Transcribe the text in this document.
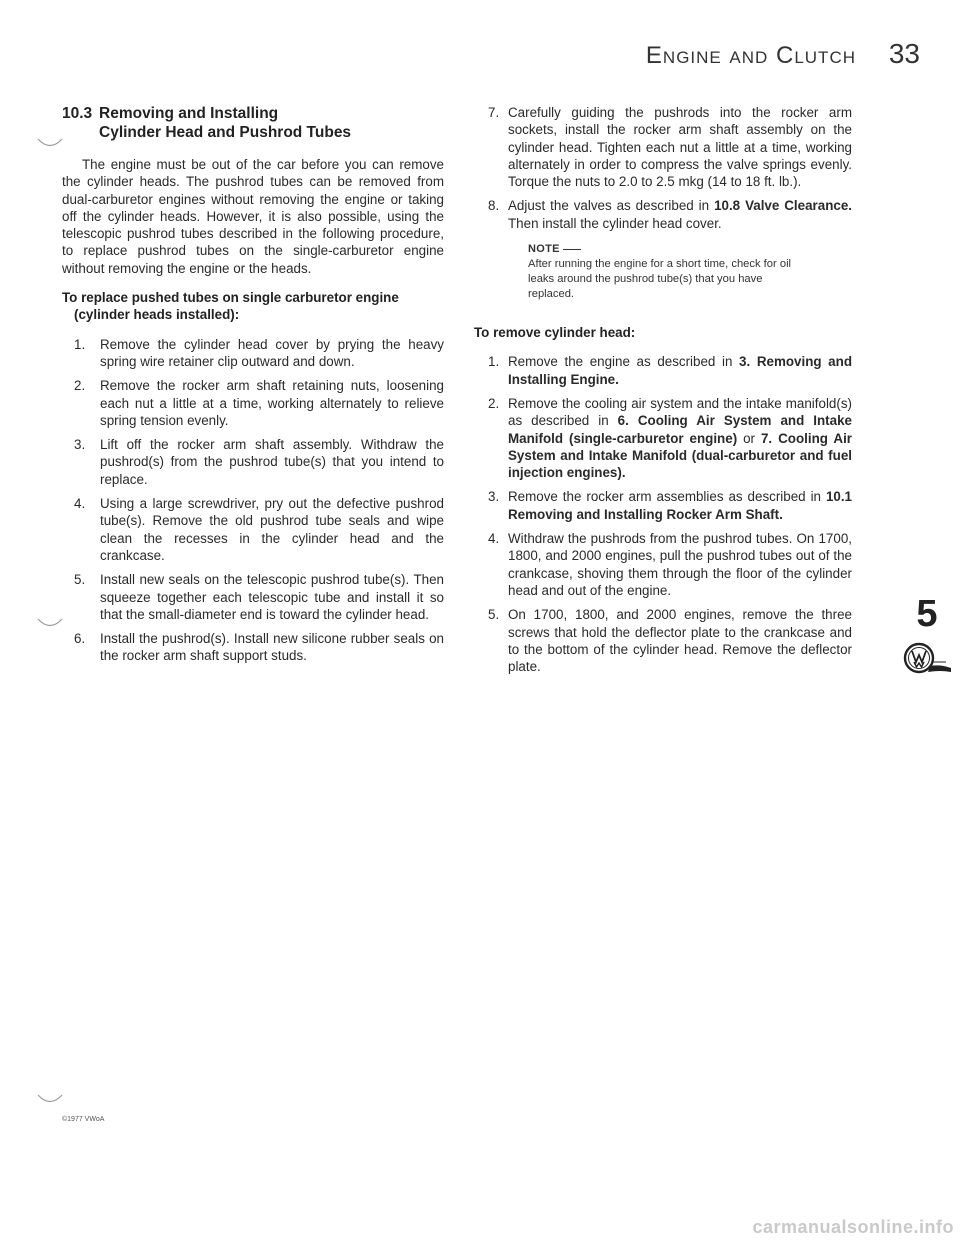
Engine and Clutch 33
10.3 Removing and Installing
Cylinder Head and Pushrod Tubes

The engine must be out of the car before you can remove the cylinder heads. The pushrod tubes can be removed from dual-carburetor engines without removing the engine or taking off the cylinder heads. However, it is also possible, using the telescopic pushrod tubes described in the following procedure, to replace pushrod tubes on the single-carburetor engine without removing the engine or the heads.

To replace pushed tubes on single carburetor engine
(cylinder heads installed):
1. Remove the cylinder head cover by prying the heavy spring wire retainer clip outward and down.
2. Remove the rocker arm shaft retaining nuts, loosening each nut a little at a time, working alternately to relieve spring tension evenly.
3. Lift off the rocker arm shaft assembly. Withdraw the pushrod(s) from the pushrod tube(s) that you intend to replace.
4. Using a large screwdriver, pry out the defective pushrod tube(s). Remove the old pushrod tube seals and wipe clean the recesses in the cylinder head and the crankcase.
5. Install new seals on the telescopic pushrod tube(s). Then squeeze together each telescopic tube and install it so that the small-diameter end is toward the cylinder head.
6. Install the pushrod(s). Install new silicone rubber seals on the rocker arm shaft support studs.
7. Carefully guiding the pushrods into the rocker arm sockets, install the rocker arm shaft assembly on the cylinder head. Tighten each nut a little at a time, working alternately in order to compress the valve springs evenly. Torque the nuts to 2.0 to 2.5 mkg (14 to 18 ft. lb.).
8. Adjust the valves as described in 10.8 Valve Clearance. Then install the cylinder head cover.
NOTE
After running the engine for a short time, check for oil leaks around the pushrod tube(s) that you have replaced.
To remove cylinder head:
1. Remove the engine as described in 3. Removing and Installing Engine.
2. Remove the cooling air system and the intake manifold(s) as described in 6. Cooling Air System and Intake Manifold (single-carburetor engine) or 7. Cooling Air System and Intake Manifold (dual-carburetor and fuel injection engines).
3. Remove the rocker arm assemblies as described in 10.1 Removing and Installing Rocker Arm Shaft.
4. Withdraw the pushrods from the pushrod tubes. On 1700, 1800, and 2000 engines, pull the pushrod tubes out of the crankcase, shoving them through the floor of the cylinder head and out of the engine.
5. On 1700, 1800, and 2000 engines, remove the three screws that hold the deflector plate to the crankcase and to the bottom of the cylinder head. Remove the deflector plate.
5
©1977 VWoA
carmanualsonline.info
